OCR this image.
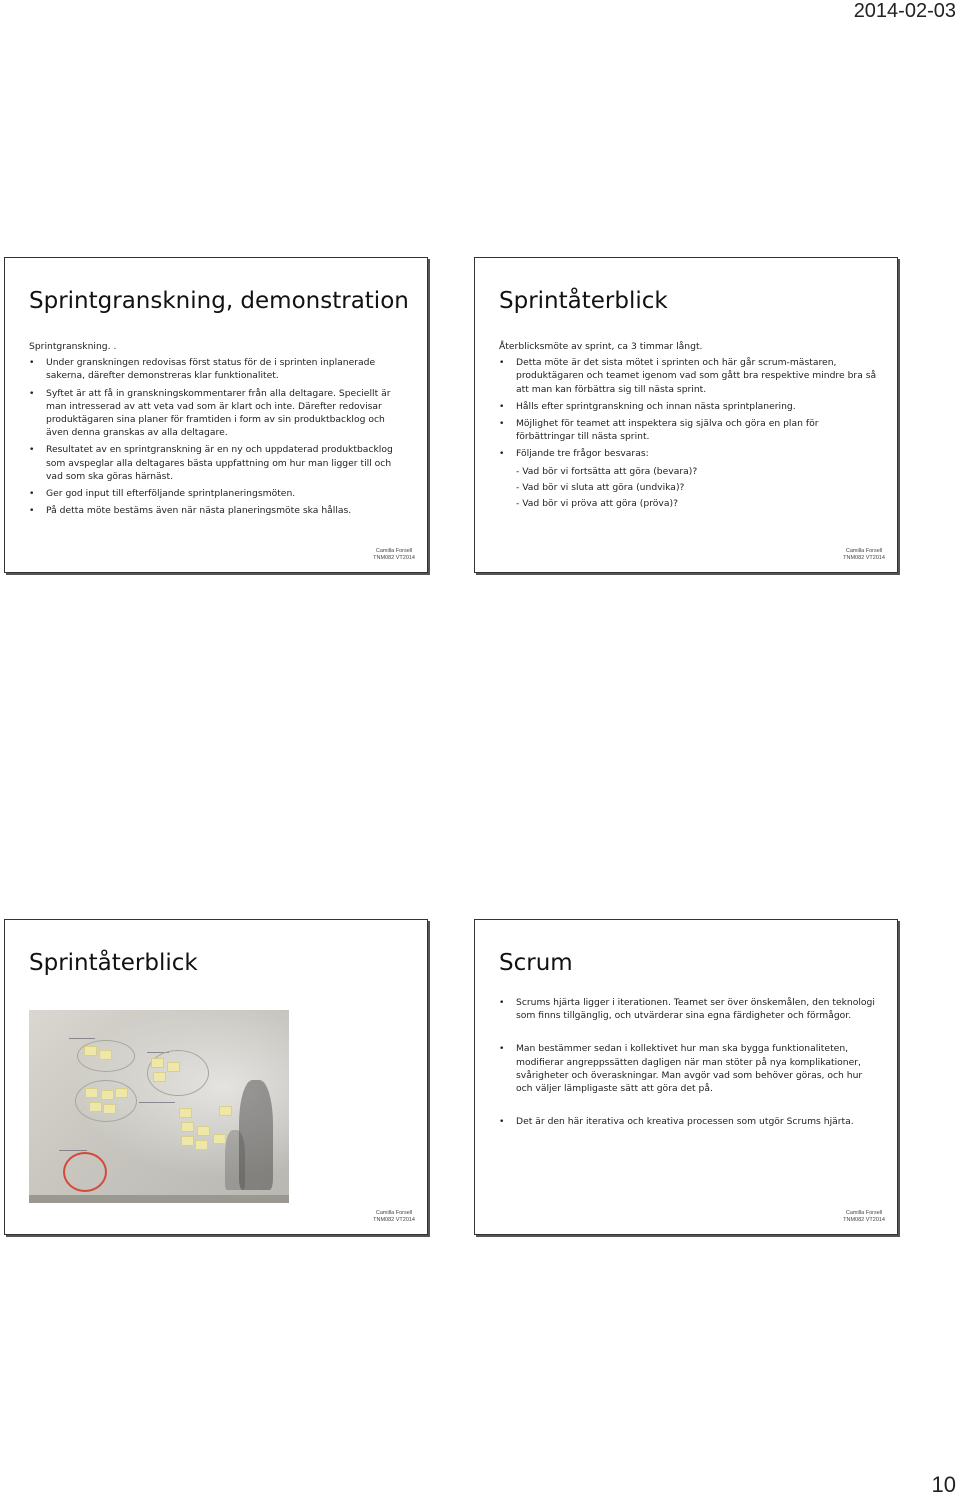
2014-02-03
Sprintgranskning, demonstration

Sprintgranskning. .

• Under granskningen redovisas först status för de i sprinten inplanerade sakerna, därefter demonstreras klar funktionalitet.
• Syftet är att få in granskningskommentarer från alla deltagare. Speciellt är man intresserad av att veta vad som är klart och inte. Därefter redovisar produktägaren sina planer för framtiden i form av sin produktbacklog och även denna granskas av alla deltagare.
• Resultatet av en sprintgranskning är en ny och uppdaterad produktbacklog som avspeglar alla deltagares bästa uppfattning om hur man ligger till och vad som ska göras härnäst.
• Ger god input till efterföljande sprintplaneringsmöten.
• På detta möte bestäms även när nästa planeringsmöte ska hållas.
Camilla Forsell
TNM082 VT2014
Sprintåterblick

Återblicksmöte av sprint, ca 3 timmar långt.

• Detta möte är det sista mötet i sprinten och här går scrum-mästaren, produktägaren och teamet igenom vad som gått bra respektive mindre bra så att man kan förbättra sig till nästa sprint.
• Hålls efter sprintgranskning och innan nästa sprintplanering.
• Möjlighet för teamet att inspektera sig själva och göra en plan för förbättringar till nästa sprint.
• Följande tre frågor besvaras:

- Vad bör vi fortsätta att göra (bevara)?

- Vad bör vi sluta att göra (undvika)?

- Vad bör vi pröva att göra (pröva)?

Camilla Forsell
TNM082 VT2014
Sprintåterblick
Camilla Forsell
TNM082 VT2014
Scrum
• Scrums hjärta ligger i iterationen. Teamet ser över önskemålen, den teknologi som finns tillgänglig, och utvärderar sina egna färdigheter och förmågor.
• Man bestämmer sedan i kollektivet hur man ska bygga funktionaliteten, modifierar angreppssätten dagligen när man stöter på nya komplikationer, svårigheter och överaskningar. Man avgör vad som behöver göras, och hur och väljer lämpligaste sätt att göra det på.
• Det är den här iterativa och kreativa processen som utgör Scrums hjärta.
Camilla Forsell
TNM082 VT2014
10
